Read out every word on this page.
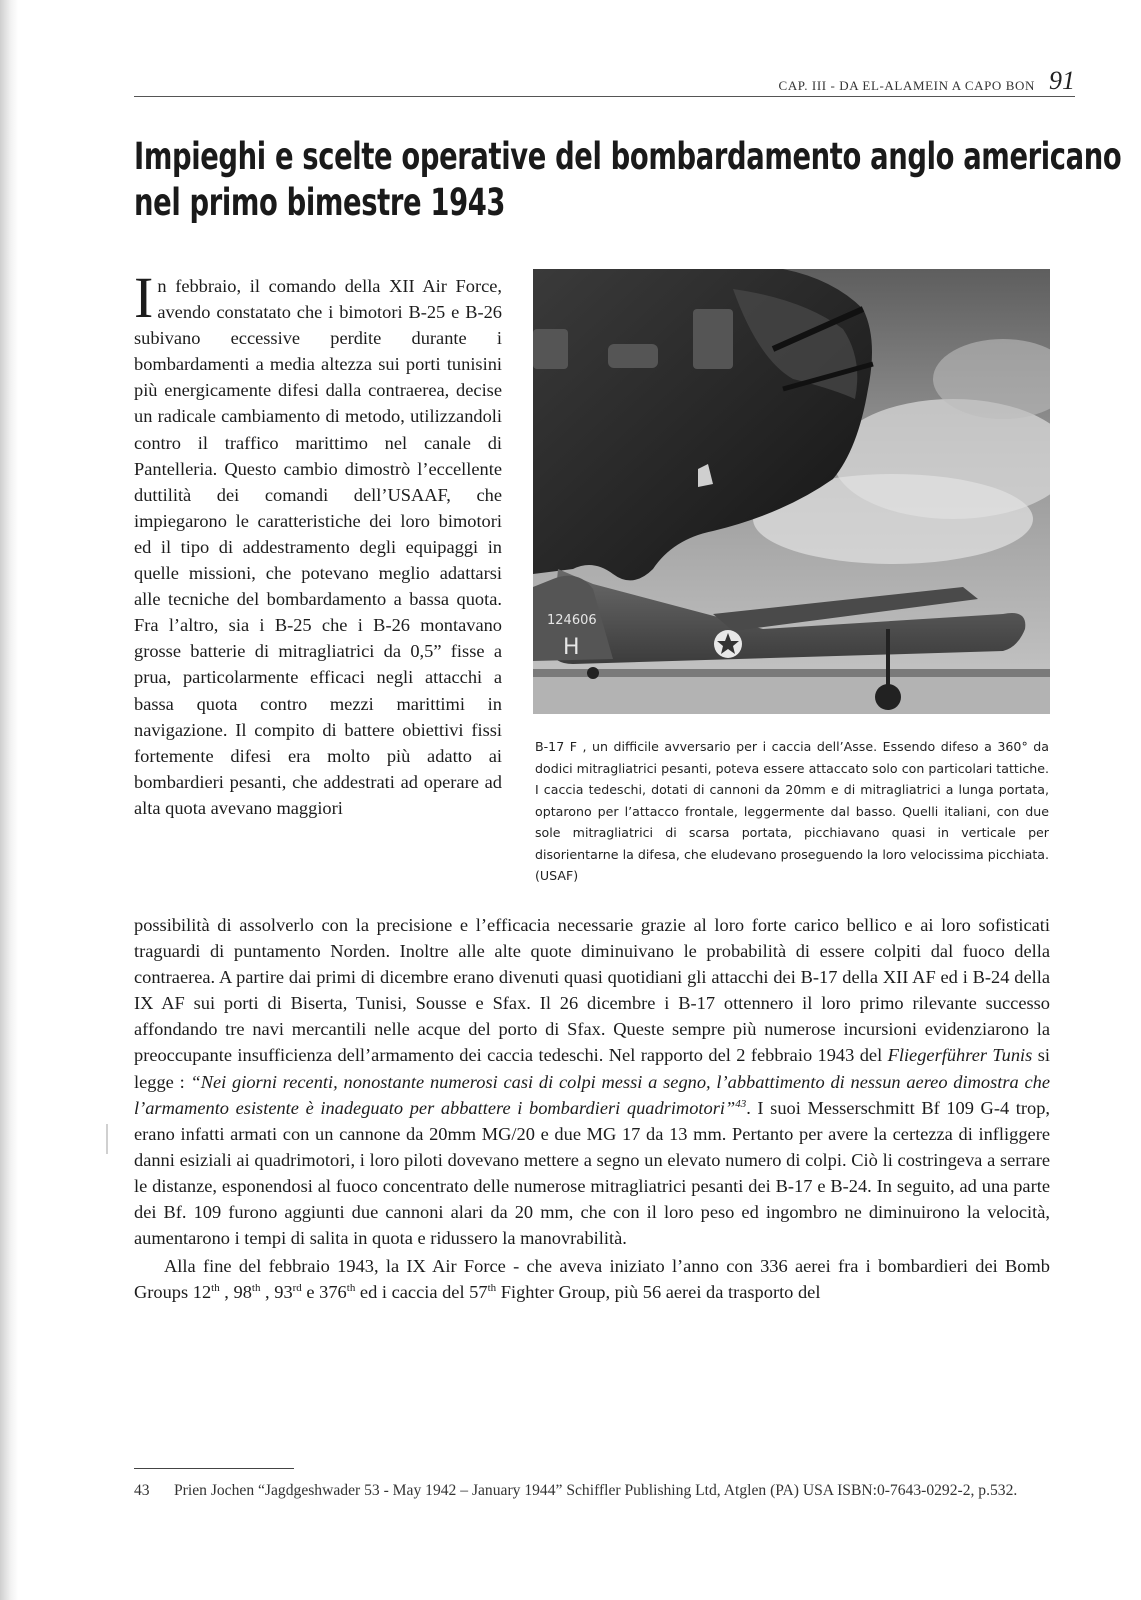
CAP. III - DA EL-ALAMEIN A CAPO BON 91
Impieghi e scelte operative del bombardamento anglo americano
nel primo bimestre 1943

In febbraio, il comando della XII Air Force, avendo constatato che i bimotori B-25 e B-26 subivano eccessive perdite durante i bombardamenti a media altezza sui porti tunisini più energicamente difesi dalla contraerea, decise un radicale cambiamento di metodo, utilizzandoli contro il traffico marittimo nel canale di Pantelleria. Questo cambio dimostrò l’eccellente duttilità dei comandi dell’USAAF, che impiegarono le caratteristiche dei loro bimotori ed il tipo di addestramento degli equipaggi in quelle missioni, che potevano meglio adattarsi alle tecniche del bombardamento a bassa quota. Fra l’altro, sia i B-25 che i B-26 montavano grosse batterie di mitragliatrici da 0,5” fisse a prua, particolarmente efficaci negli attacchi a bassa quota contro mezzi marittimi in navigazione. Il compito di battere obiettivi fissi fortemente difesi era molto più adatto ai bombardieri pesanti, che addestrati ad operare ad alta quota avevano maggiori

124606
H

B-17 F , un difficile avversario per i caccia dell’Asse. Essendo difeso a 360° da dodici mitragliatrici pesanti, poteva essere attaccato solo con particolari tattiche. I caccia tedeschi, dotati di cannoni da 20mm e di mitragliatrici a lunga portata, optarono per l’attacco frontale, leggermente dal basso. Quelli italiani, con due sole mitragliatrici di scarsa portata, picchiavano quasi in verticale per disorientarne la difesa, che eludevano proseguendo la loro velocissima picchiata. (USAF)

possibilità di assolverlo con la precisione e l’efficacia necessarie grazie al loro forte carico bellico e ai loro sofisticati traguardi di puntamento Norden. Inoltre alle alte quote diminuivano le probabilità di essere colpiti dal fuoco della contraerea. A partire dai primi di dicembre erano divenuti quasi quotidiani gli attacchi dei B-17 della XII AF ed i B-24 della IX AF sui porti di Biserta, Tunisi, Sousse e Sfax. Il 26 dicembre i B-17 ottennero il loro primo rilevante successo affondando tre navi mercantili nelle acque del porto di Sfax. Queste sempre più numerose incursioni evidenziarono la preoccupante insufficienza dell’armamento dei caccia tedeschi. Nel rapporto del 2 febbraio 1943 del Fliegerführer Tunis si legge : “Nei giorni recenti, nonostante numerosi casi di colpi messi a segno, l’abbattimento di nessun aereo dimostra che l’armamento esistente è inadeguato per abbattere i bombardieri quadrimotori”$^{43}$. I suoi Messerschmitt Bf 109 G-4 trop, erano infatti armati con un cannone da 20mm MG/20 e due MG 17 da 13 mm. Pertanto per avere la certezza di infliggere danni esiziali ai quadrimotori, i loro piloti dovevano mettere a segno un elevato numero di colpi. Ciò li costringeva a serrare le distanze, esponendosi al fuoco concentrato delle numerose mitragliatrici pesanti dei B-17 e B-24. In seguito, ad una parte dei Bf. 109 furono aggiunti due cannoni alari da 20 mm, che con il loro peso ed ingombro ne diminuirono la velocità, aumentarono i tempi di salita in quota e ridussero la manovrabilità.

Alla fine del febbraio 1943, la IX Air Force - che aveva iniziato l’anno con 336 aerei fra i bombardieri dei Bomb Groups 12th , 98th , 93rd e 376th ed i caccia del 57th Fighter Group, più 56 aerei da trasporto del

43 Prien Jochen “Jagdgeshwader 53 - May 1942 – January 1944” Schiffler Publishing Ltd, Atglen (PA) USA ISBN:0-7643-0292-2, p.532.
